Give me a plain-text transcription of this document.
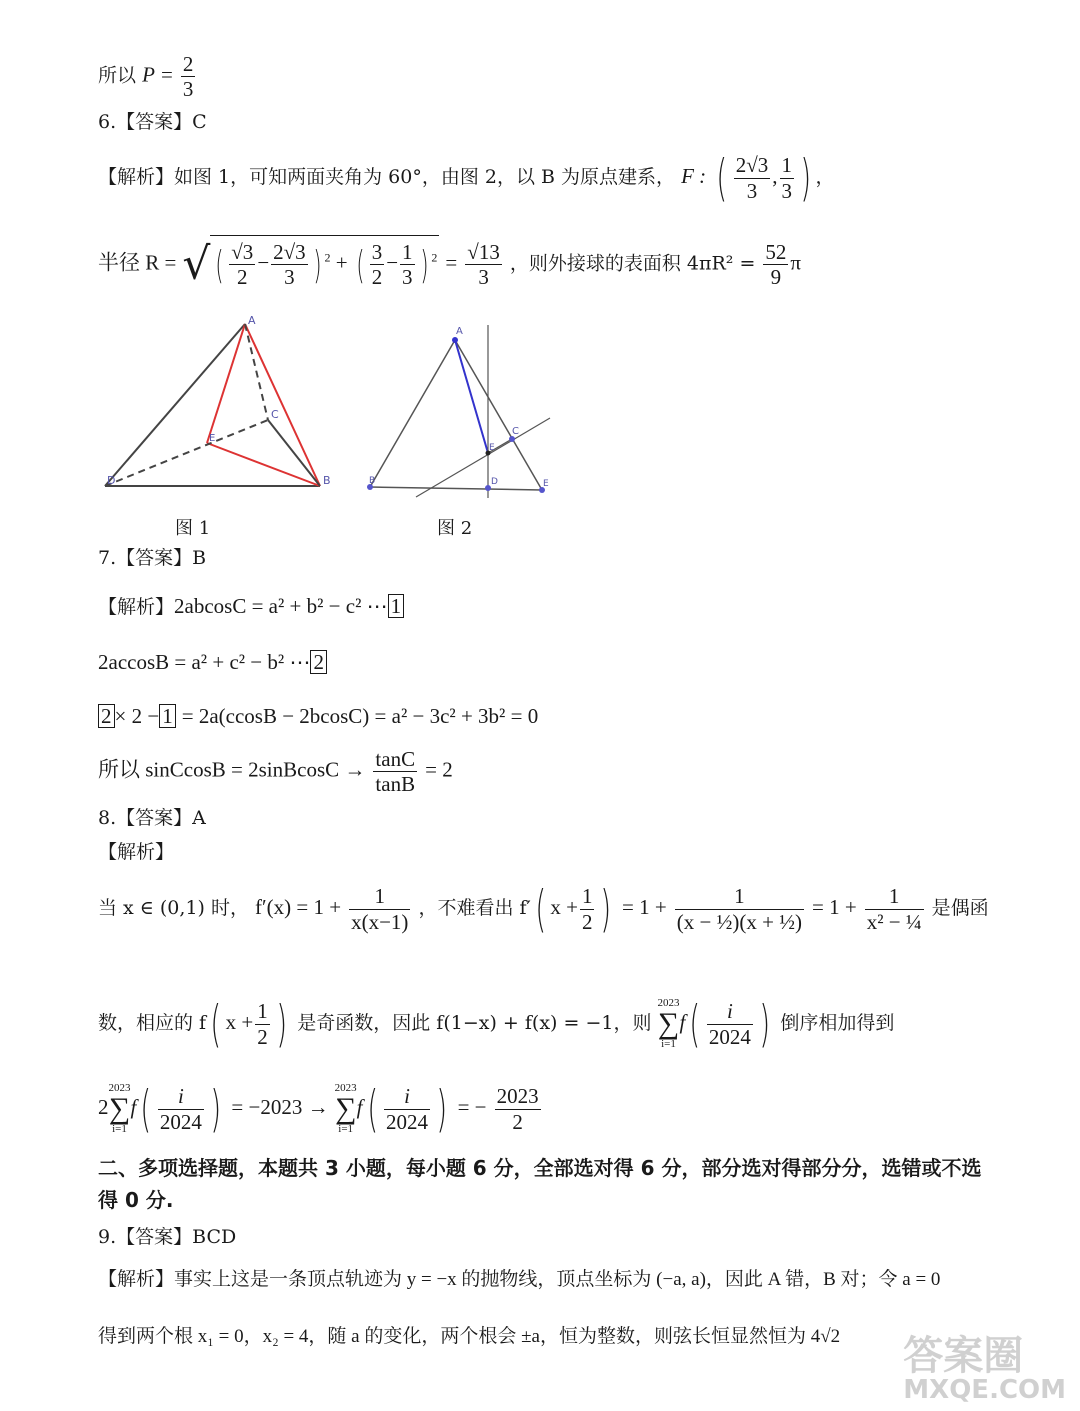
所以 $P = \frac{2}{3}$
6.【答案】C
【解析】如图 1，可知两面夹角为 60°，由图 2，以 B 为原点建系， F : ( $\frac{2√3}{3}$ , $\frac{1}{3}$ ) ，
半径 R = √ ( $\frac{√3}{2} - \frac{2√3}{3}$ ) $^2$ + ( $\frac{3}{2} - \frac{1}{3}$ ) $^2 = \frac{√13}{3}$ ，则外接球的表面积 $4\pi R^2 = \frac{52}{9}$ π
A
C
E
D	B
图 1
A
C
E
B	D	E
图 2
7.【答案】B
【解析】2abcosC = a² + b² − c² ⋯ 1
2accosB = a² + c² − b² ⋯ 2
2 × 2 − 1 = 2a(ccosB − 2bcosC) = a² − 3c² + 3b² = 0
所以 sinCcosB = 2sinBcosC → $\frac{\tan C}{\tan B} = 2$
8.【答案】A
【解析】
当 x ∈ (0,1) 时， $f'(x) = 1 + \frac{1}{x(x-1)}$ ，不难看出 f′( $x + \frac{1}{2}$ ) = $1 + \frac{1}{\text{(x − ½)(x + ½)}} = 1 + \frac{1}{\text{x² − ¼}}$ 是偶函
数，相应的 f( $x + \frac{1}{2}$ ) 是奇函数，因此 f(1−x) + f(x) = −1，则 2023
∑
$i=1f( \frac{i}{2024}$ ) 倒序相加得到
22023
∑
$i=1f( \frac{i}{2024}$ ) = −2023 → 2023
∑
$i=1f( \frac{i}{2024}$ ) = − $\frac{2023}{2}$
二、多项选择题，本题共 3 小题，每小题 6 分，全部选对得 6 分，部分选对得部分分，选错或不选得 0 分.
9.【答案】BCD
【解析】事实上这是一条顶点轨迹为 y = −x 的抛物线，顶点坐标为 (−a, a)，因此 A 错，B 对；令 a = 0
得到两个根 x₁ = 0，x₂ = 4，随 a 的变化，两个根会 ±a，恒为整数，则弦长恒显然恒为 4√2 答案圈
MXQE.COM
